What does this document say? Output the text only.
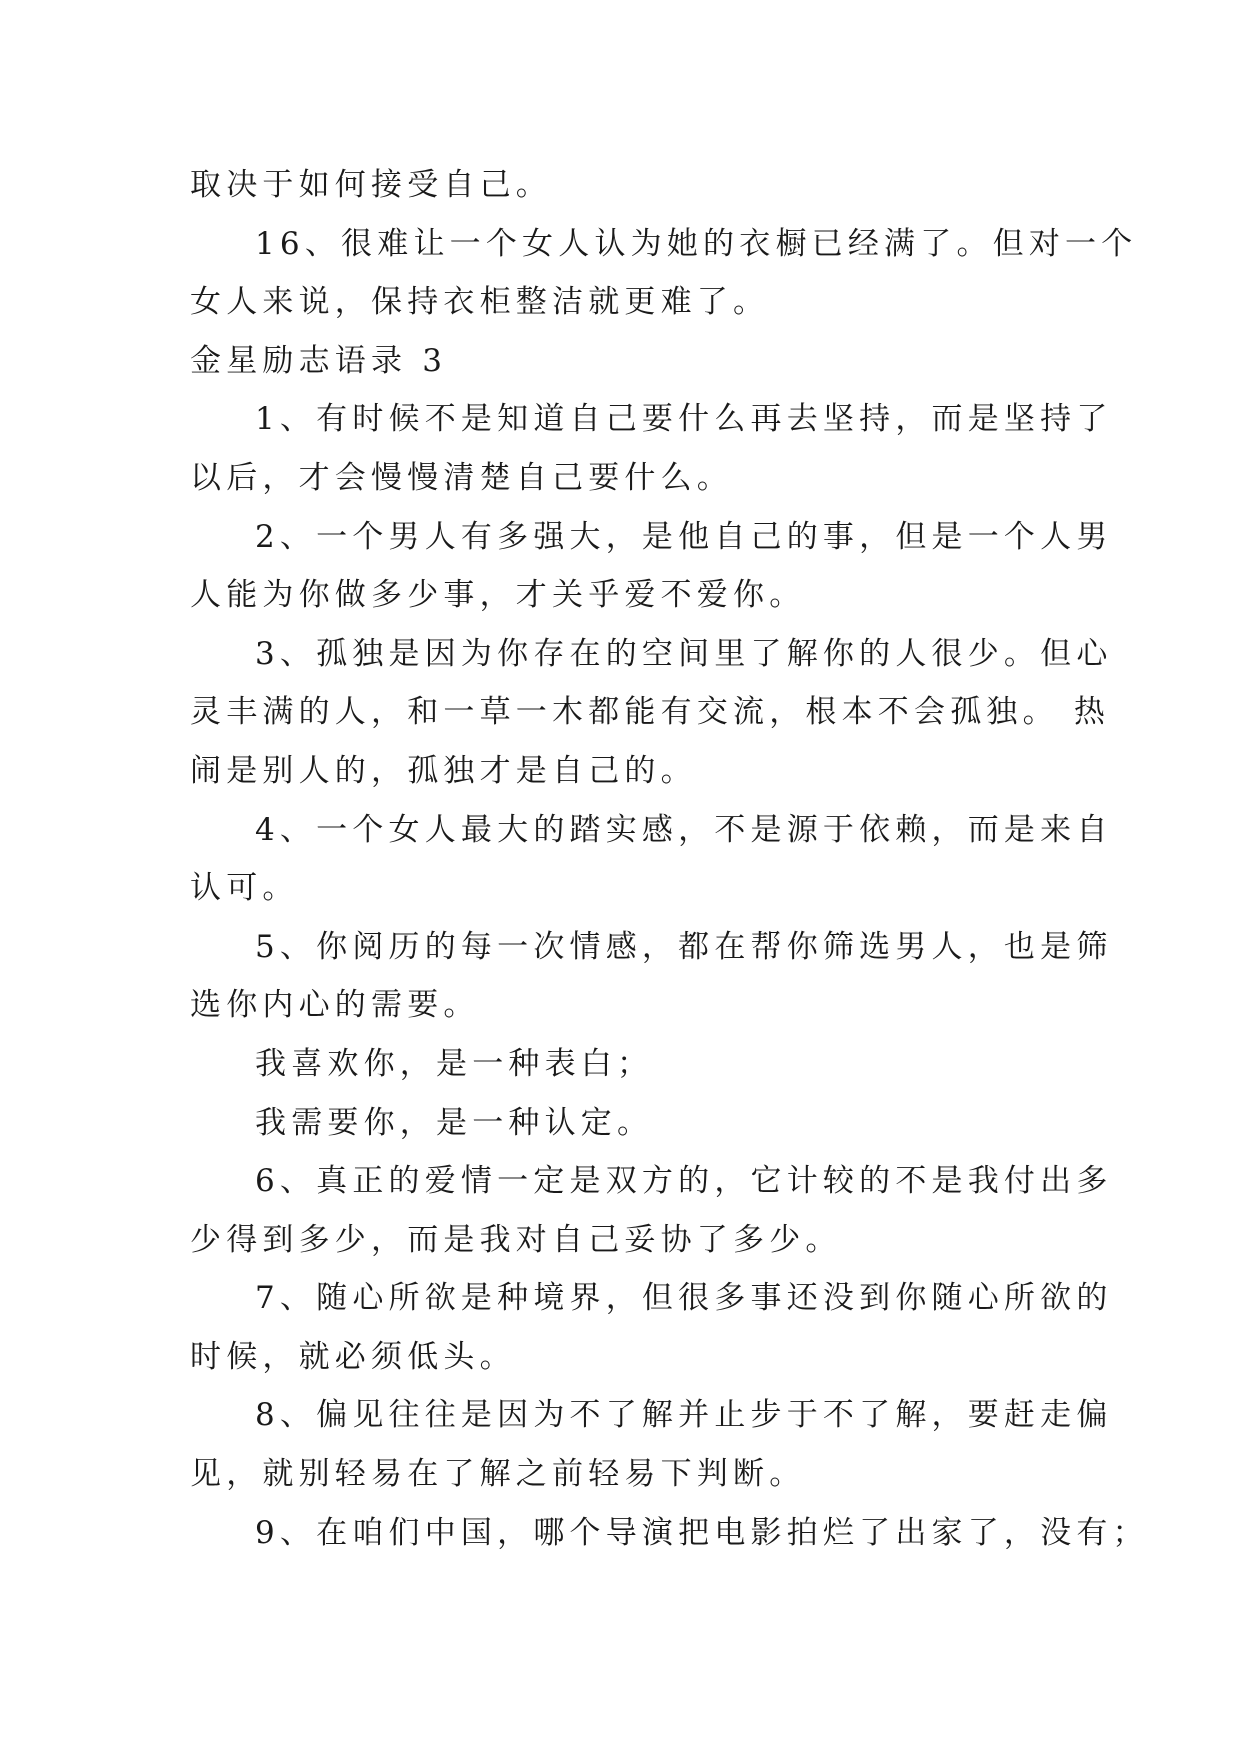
取决于如何接受自己。
16、很难让一个女人认为她的衣橱已经满了。但对一个
女人来说，保持衣柜整洁就更难了。
金星励志语录 3
1、有时候不是知道自己要什么再去坚持，而是坚持了
以后，才会慢慢清楚自己要什么。
2、一个男人有多强大，是他自己的事，但是一个人男
人能为你做多少事，才关乎爱不爱你。
3、孤独是因为你存在的空间里了解你的人很少。但心
灵丰满的人，和一草一木都能有交流，根本不会孤独。 热
闹是别人的，孤独才是自己的。
4、一个女人最大的踏实感，不是源于依赖，而是来自
认可。
5、你阅历的每一次情感，都在帮你筛选男人，也是筛
选你内心的需要。
我喜欢你，是一种表白；
我需要你，是一种认定。
6、真正的爱情一定是双方的，它计较的不是我付出多
少得到多少，而是我对自己妥协了多少。
7、随心所欲是种境界，但很多事还没到你随心所欲的
时候，就必须低头。
8、偏见往往是因为不了解并止步于不了解，要赶走偏
见，就别轻易在了解之前轻易下判断。
9、在咱们中国，哪个导演把电影拍烂了出家了，没有；
